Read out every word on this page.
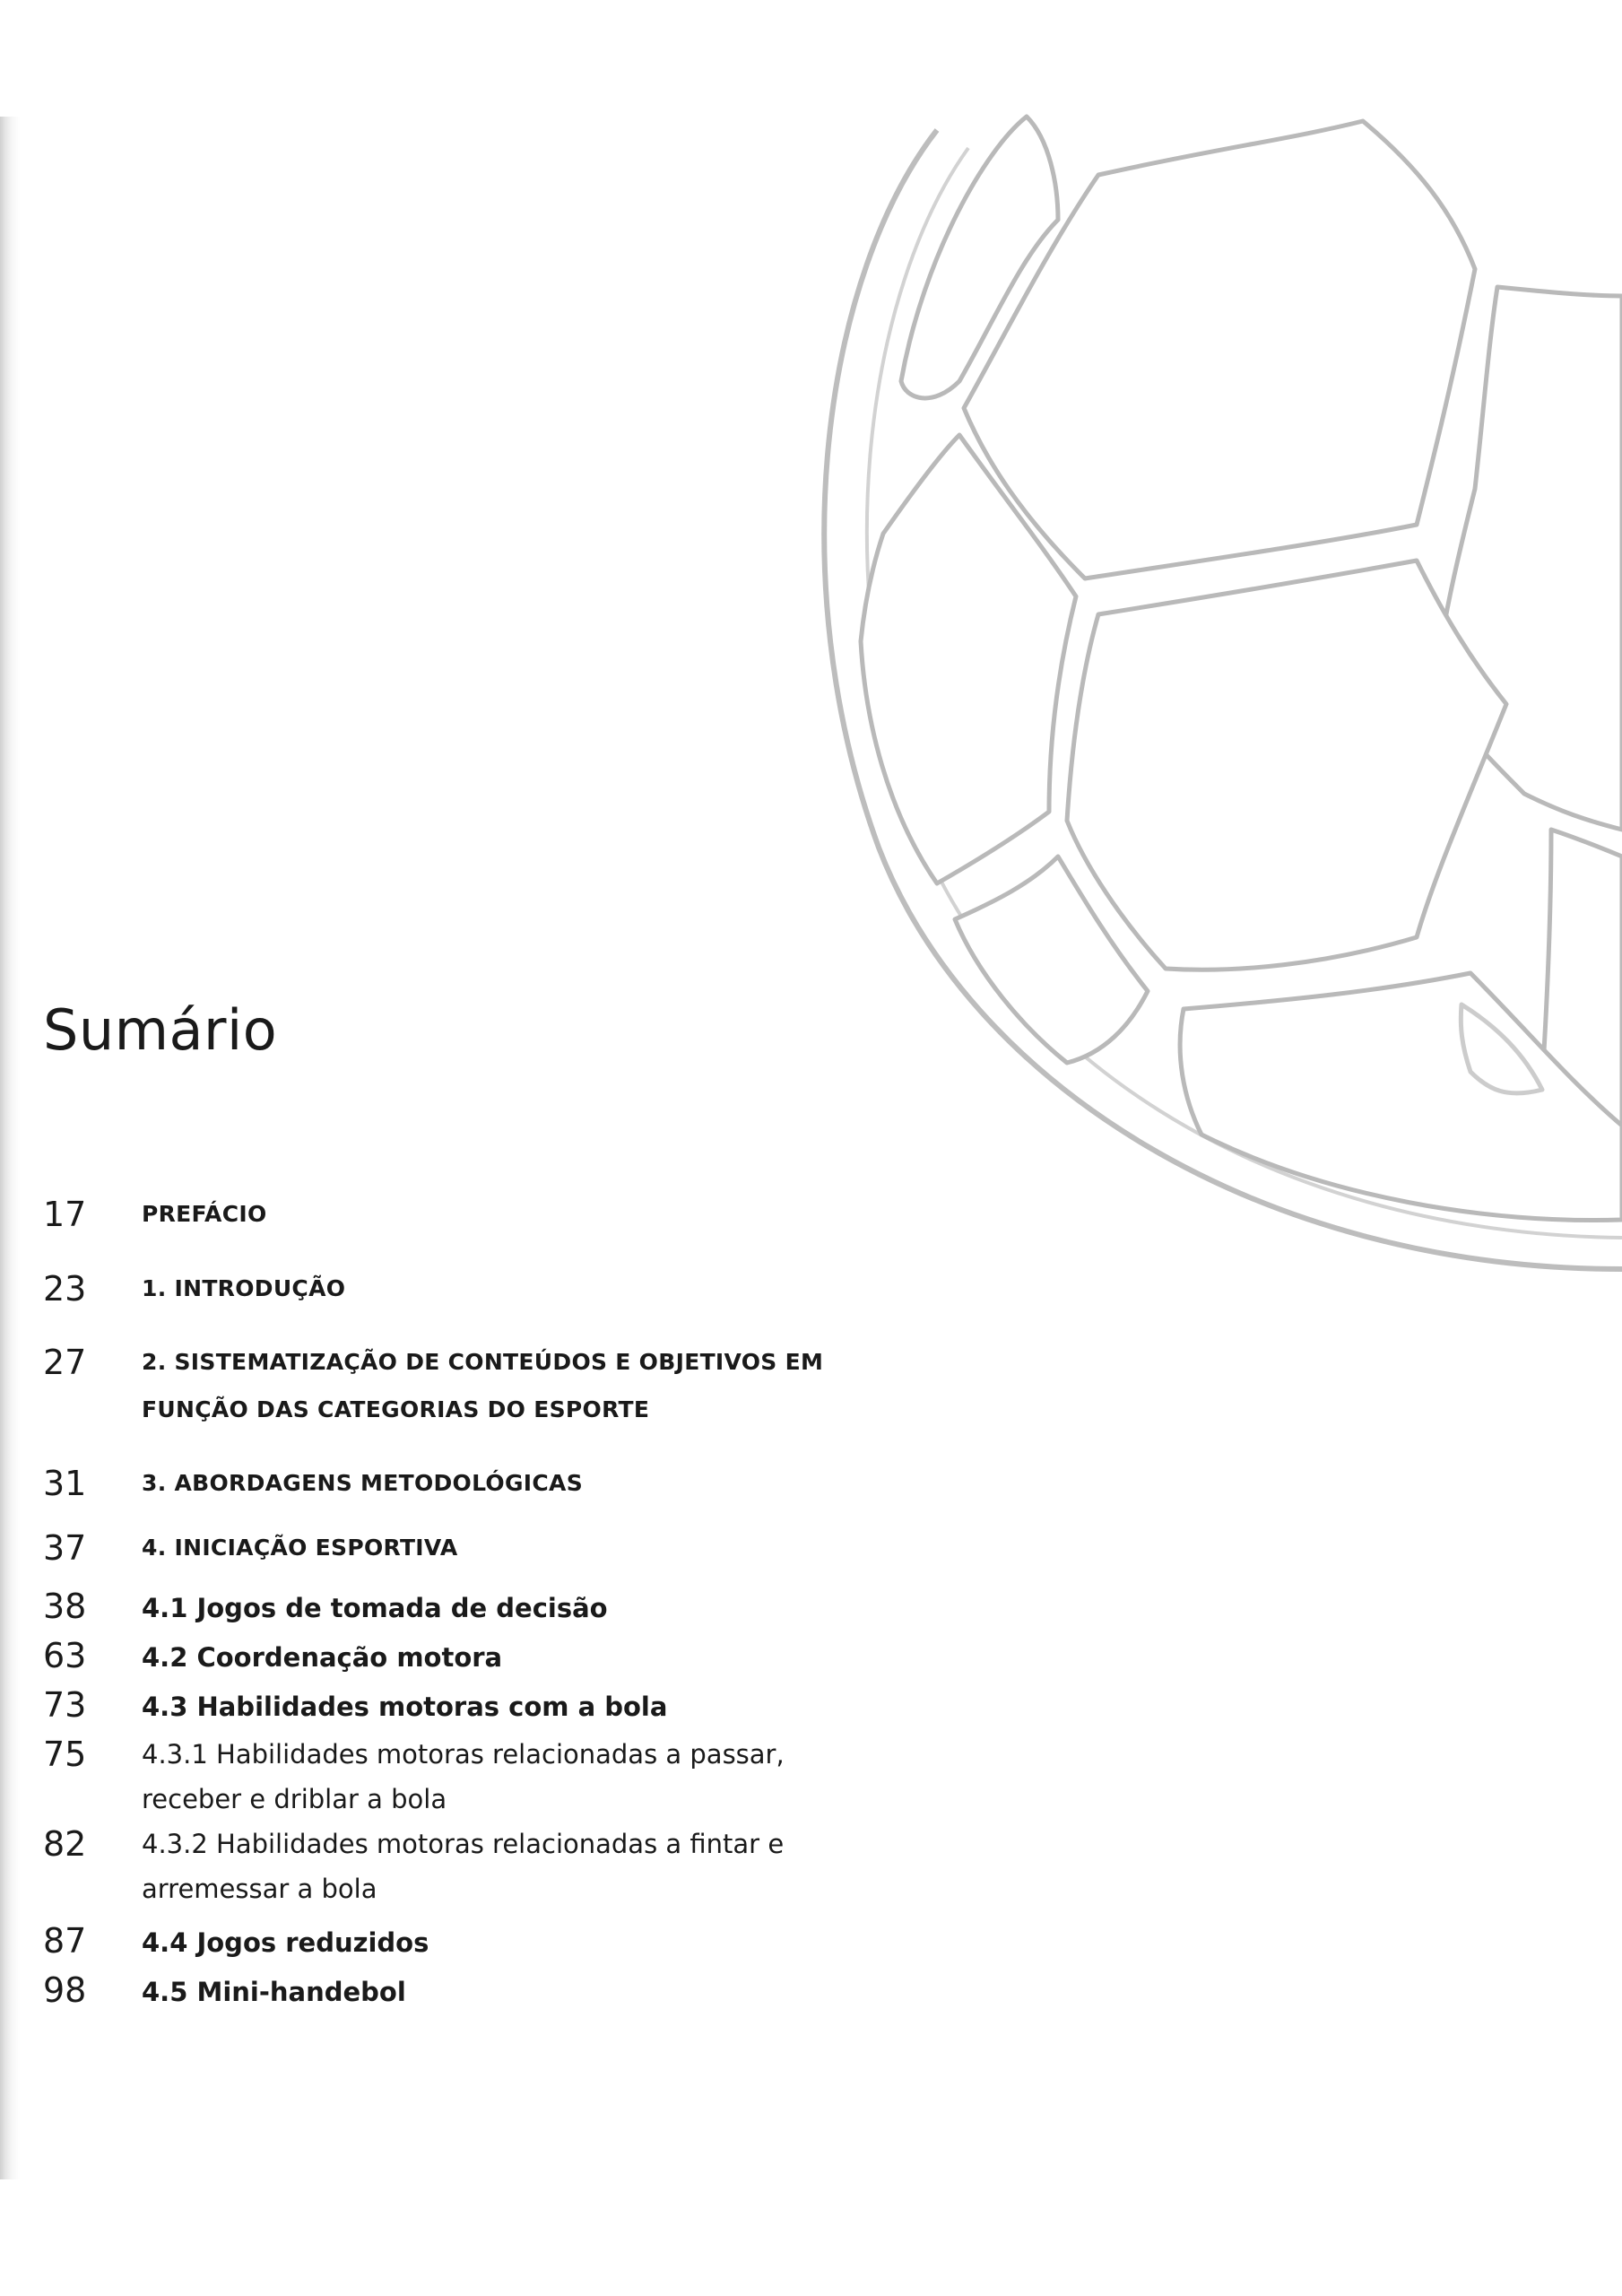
Sumário
17 PREFÁCIO
23 1. INTRODUÇÃO
27 2. SISTEMATIZAÇÃO DE CONTEÚDOS E OBJETIVOS EM FUNÇÃO DAS CATEGORIAS DO ESPORTE
31 3. ABORDAGENS METODOLÓGICAS
37 4. INICIAÇÃO ESPORTIVA
38 4.1 Jogos de tomada de decisão
63 4.2 Coordenação motora
73 4.3 Habilidades motoras com a bola
75 4.3.1 Habilidades motoras relacionadas a passar, receber e driblar a bola
82 4.3.2 Habilidades motoras relacionadas a fintar e arremessar a bola
87 4.4 Jogos reduzidos
98 4.5 Mini-handebol
